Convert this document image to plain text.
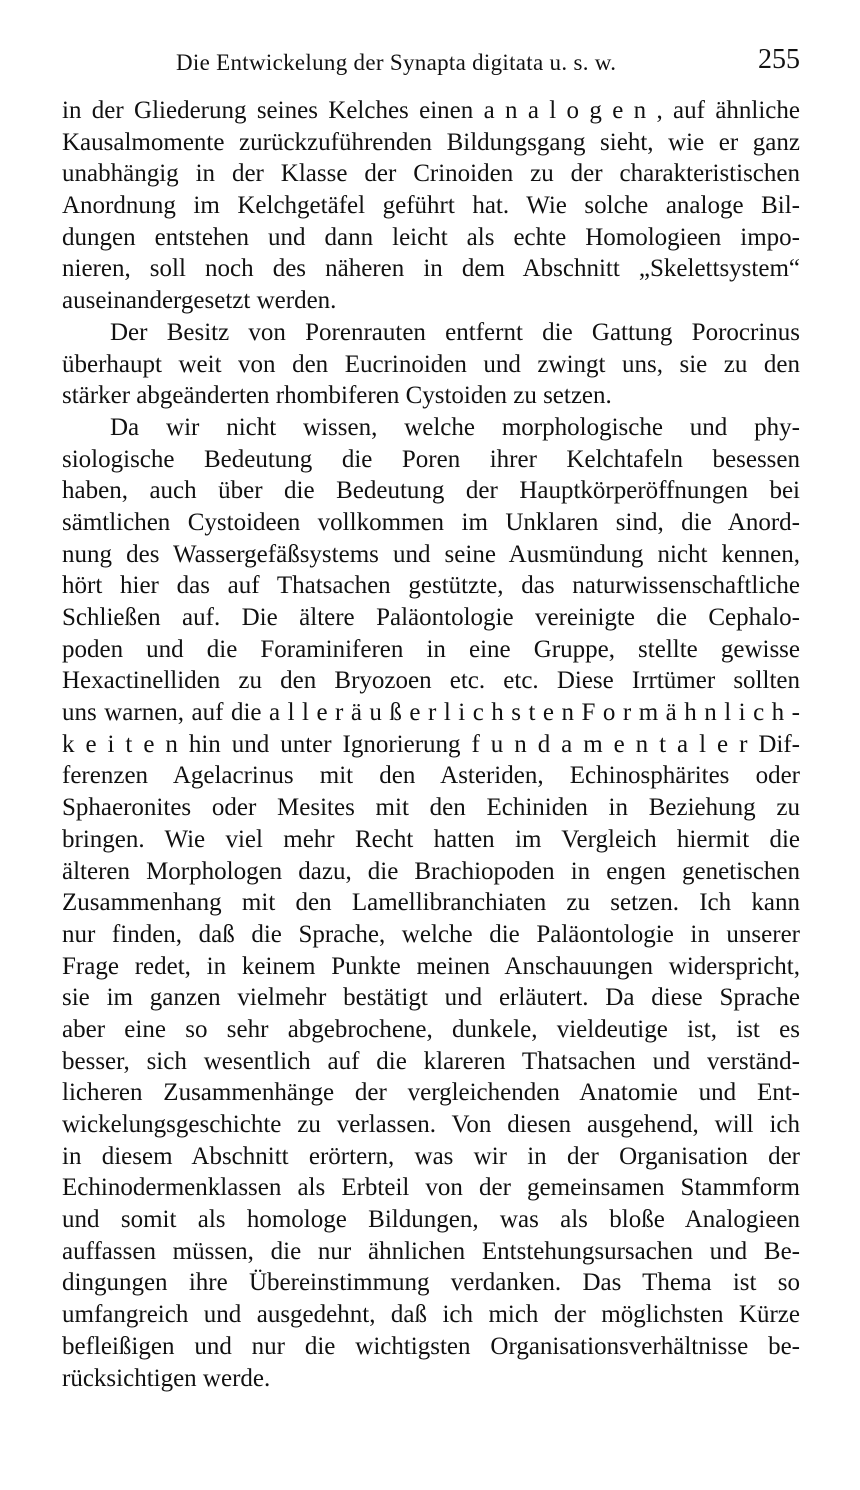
Die Entwickelung der Synapta digitata u. s. w.	255
in der Gliederung seines Kelches einen a n a l o g e n , auf ähnliche
Kausalmomente zurückzuführenden Bildungsgang sieht, wie er ganz
unabhängig in der Klasse der Crinoiden zu der charakteristischen
Anordnung im Kelchgetäfel geführt hat. Wie solche analoge Bil-
dungen entstehen und dann leicht als echte Homologieen impo-
nieren, soll noch des näheren in dem Abschnitt „Skelettsystem“
auseinandergesetzt werden.
Der Besitz von Porenrauten entfernt die Gattung Porocrinus
überhaupt weit von den Eucrinoiden und zwingt uns, sie zu den
stärker abgeänderten rhombiferen Cystoiden zu setzen.
Da wir nicht wissen, welche morphologische und phy-
siologische Bedeutung die Poren ihrer Kelchtafeln besessen
haben, auch über die Bedeutung der Hauptkörperöffnungen bei
sämtlichen Cystoideen vollkommen im Unklaren sind, die Anord-
nung des Wassergefäßsystems und seine Ausmündung nicht kennen,
hört hier das auf Thatsachen gestützte, das naturwissenschaftliche
Schließen auf. Die ältere Paläontologie vereinigte die Cephalo-
poden und die Foraminiferen in eine Gruppe, stellte gewisse
Hexactinelliden zu den Bryozoen etc. etc. Diese Irrtümer sollten
uns warnen, auf die a l l e r ä u ß e r l i c h s t e n F o r m ä h n l i c h -
k e i t e n hin und unter Ignorierung f u n d a m e n t a l e r Dif-
ferenzen Agelacrinus mit den Asteriden, Echinosphärites oder
Sphaeronites oder Mesites mit den Echiniden in Beziehung zu
bringen. Wie viel mehr Recht hatten im Vergleich hiermit die
älteren Morphologen dazu, die Brachiopoden in engen genetischen
Zusammenhang mit den Lamellibranchiaten zu setzen. Ich kann
nur finden, daß die Sprache, welche die Paläontologie in unserer
Frage redet, in keinem Punkte meinen Anschauungen widerspricht,
sie im ganzen vielmehr bestätigt und erläutert. Da diese Sprache
aber eine so sehr abgebrochene, dunkele, vieldeutige ist, ist es
besser, sich wesentlich auf die klareren Thatsachen und verständ-
licheren Zusammenhänge der vergleichenden Anatomie und Ent-
wickelungsgeschichte zu verlassen. Von diesen ausgehend, will ich
in diesem Abschnitt erörtern, was wir in der Organisation der
Echinodermenklassen als Erbteil von der gemeinsamen Stammform
und somit als homologe Bildungen, was als bloße Analogieen
auffassen müssen, die nur ähnlichen Entstehungsursachen und Be-
dingungen ihre Übereinstimmung verdanken. Das Thema ist so
umfangreich und ausgedehnt, daß ich mich der möglichsten Kürze
befleißigen und nur die wichtigsten Organisationsverhältnisse be-
rücksichtigen werde.
